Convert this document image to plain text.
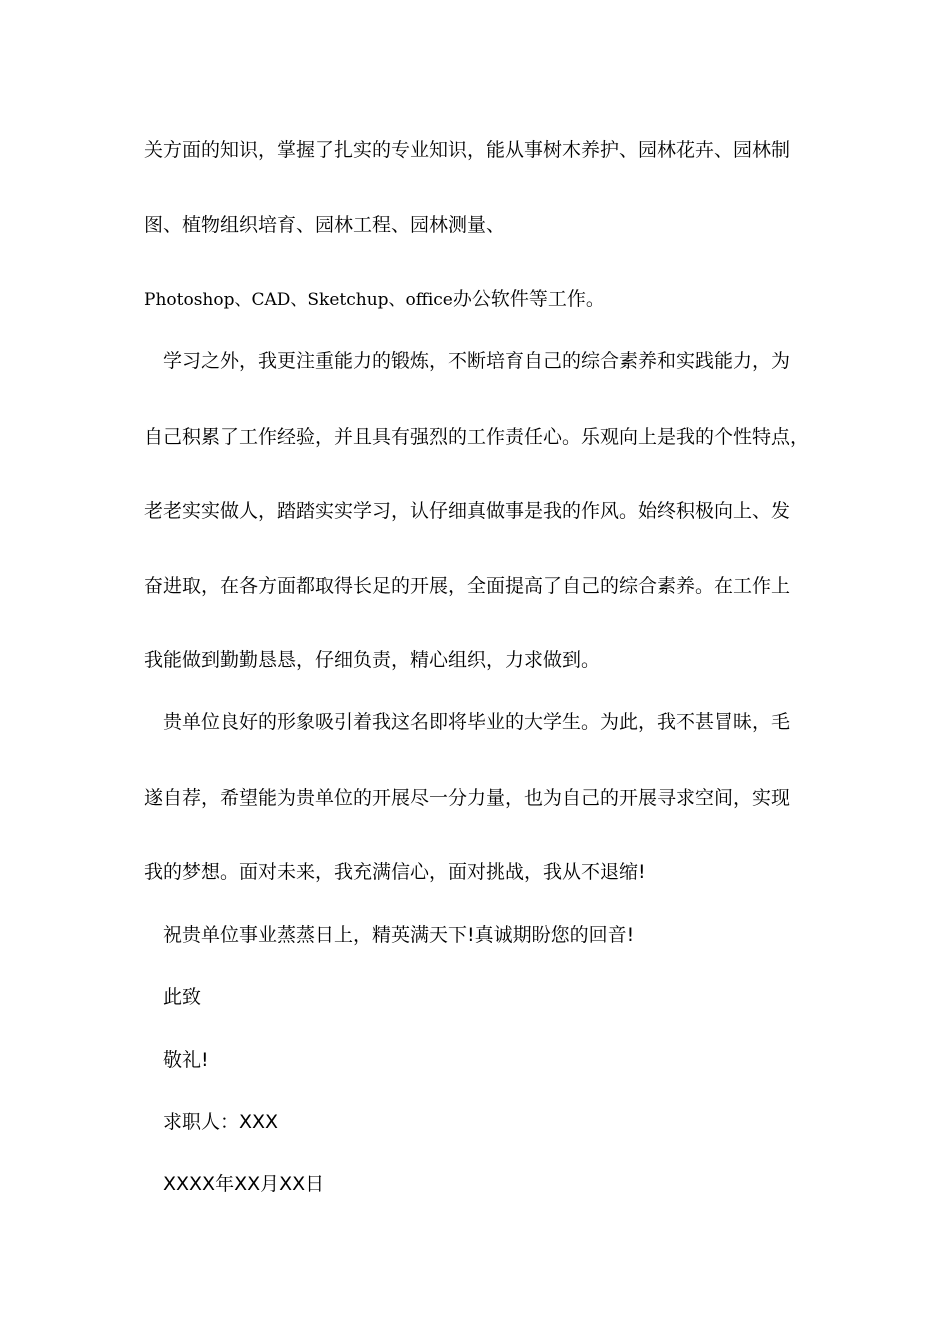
关方面的知识，掌握了扎实的专业知识，能从事树木养护、园林花卉、园林制
图、植物组织培育、园林工程、园林测量、
Photoshop、CAD、Sketchup、office办公软件等工作。
学习之外，我更注重能力的锻炼，不断培育自己的综合素养和实践能力，为
自己积累了工作经验，并且具有强烈的工作责任心。乐观向上是我的个性特点，
老老实实做人，踏踏实实学习，认仔细真做事是我的作风。始终积极向上、发
奋进取，在各方面都取得长足的开展，全面提高了自己的综合素养。在工作上
我能做到勤勤恳恳，仔细负责，精心组织，力求做到。
贵单位良好的形象吸引着我这名即将毕业的大学生。为此，我不甚冒昧，毛
遂自荐，希望能为贵单位的开展尽一分力量，也为自己的开展寻求空间，实现
我的梦想。面对未来，我充满信心，面对挑战，我从不退缩!
祝贵单位事业蒸蒸日上，精英满天下!真诚期盼您的回音!
此致
敬礼!
求职人：XXX
XXXX年XX月XX日
